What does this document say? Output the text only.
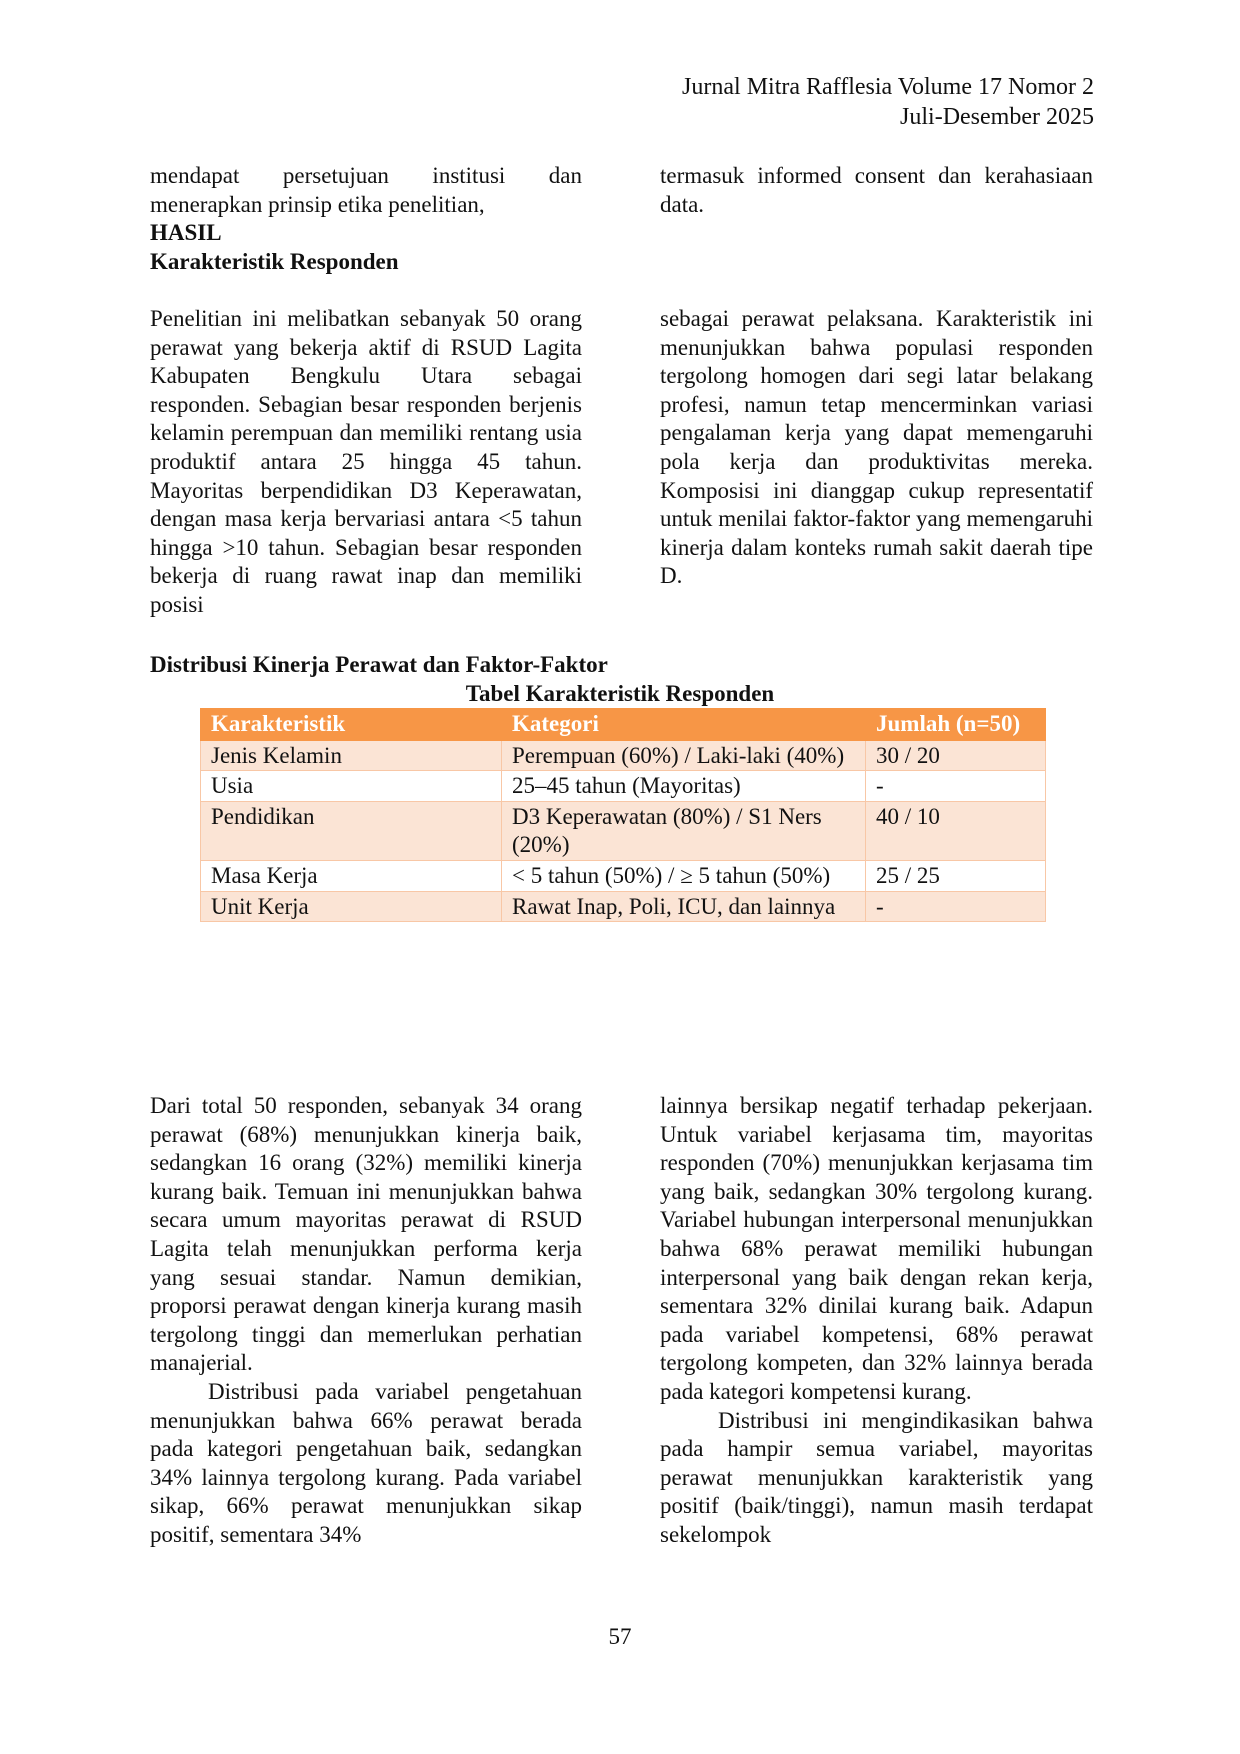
Jurnal Mitra Rafflesia Volume 17 Nomor 2
Juli-Desember 2025

mendapat persetujuan institusi dan menerapkan prinsip etika penelitian,

HASIL

Karakteristik Responden

termasuk informed consent dan kerahasiaan data.

Penelitian ini melibatkan sebanyak 50 orang perawat yang bekerja aktif di RSUD Lagita Kabupaten Bengkulu Utara sebagai responden. Sebagian besar responden berjenis kelamin perempuan dan memiliki rentang usia produktif antara 25 hingga 45 tahun. Mayoritas berpendidikan D3 Keperawatan, dengan masa kerja bervariasi antara <5 tahun hingga >10 tahun. Sebagian besar responden bekerja di ruang rawat inap dan memiliki posisi

sebagai perawat pelaksana. Karakteristik ini menunjukkan bahwa populasi responden tergolong homogen dari segi latar belakang profesi, namun tetap mencerminkan variasi pengalaman kerja yang dapat memengaruhi pola kerja dan produktivitas mereka. Komposisi ini dianggap cukup representatif untuk menilai faktor-faktor yang memengaruhi kinerja dalam konteks rumah sakit daerah tipe D.

Distribusi Kinerja Perawat dan Faktor-Faktor
Tabel Karakteristik Responden
Karakteristik	Kategori	Jumlah (n=50)
Jenis Kelamin	Perempuan (60%) / Laki-laki (40%)	30 / 20
Usia	25–45 tahun (Mayoritas)	-
Pendidikan	D3 Keperawatan (80%) / S1 Ners (20%)	40 / 10
Masa Kerja	< 5 tahun (50%) / ≥ 5 tahun (50%)	25 / 25
Unit Kerja	Rawat Inap, Poli, ICU, dan lainnya	-

Dari total 50 responden, sebanyak 34 orang perawat (68%) menunjukkan kinerja baik, sedangkan 16 orang (32%) memiliki kinerja kurang baik. Temuan ini menunjukkan bahwa secara umum mayoritas perawat di RSUD Lagita telah menunjukkan performa kerja yang sesuai standar. Namun demikian, proporsi perawat dengan kinerja kurang masih tergolong tinggi dan memerlukan perhatian manajerial.

Distribusi pada variabel pengetahuan menunjukkan bahwa 66% perawat berada pada kategori pengetahuan baik, sedangkan 34% lainnya tergolong kurang. Pada variabel sikap, 66% perawat menunjukkan sikap positif, sementara 34%

lainnya bersikap negatif terhadap pekerjaan. Untuk variabel kerjasama tim, mayoritas responden (70%) menunjukkan kerjasama tim yang baik, sedangkan 30% tergolong kurang. Variabel hubungan interpersonal menunjukkan bahwa 68% perawat memiliki hubungan interpersonal yang baik dengan rekan kerja, sementara 32% dinilai kurang baik. Adapun pada variabel kompetensi, 68% perawat tergolong kompeten, dan 32% lainnya berada pada kategori kompetensi kurang.

Distribusi ini mengindikasikan bahwa pada hampir semua variabel, mayoritas perawat menunjukkan karakteristik yang positif (baik/tinggi), namun masih terdapat sekelompok

57
